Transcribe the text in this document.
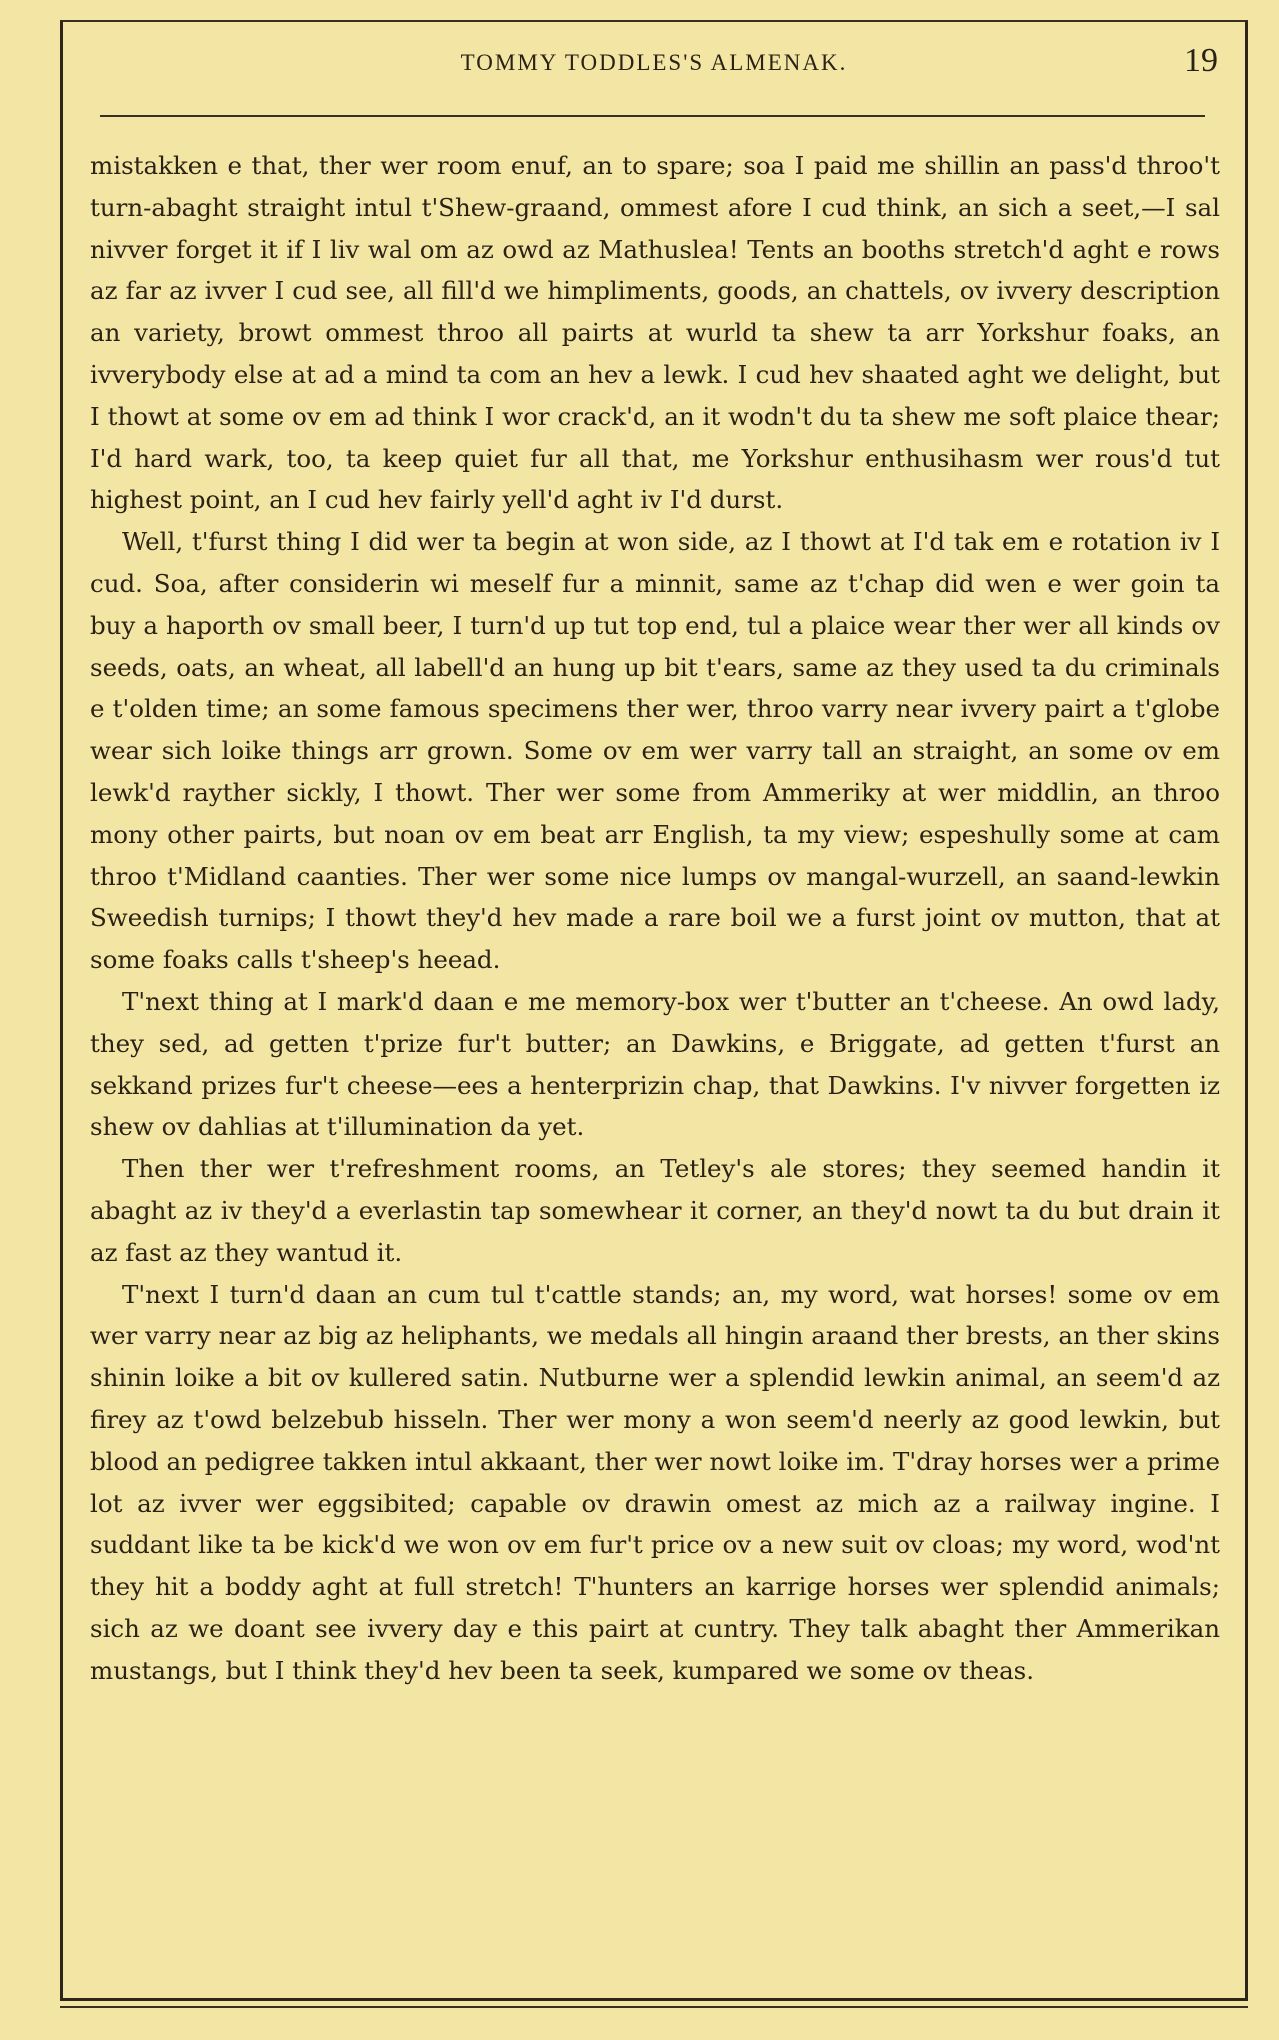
TOMMY TODDLES'S ALMENAK.	19

mistakken e that, ther wer room enuf, an to spare; soa I paid me shillin an pass'd throo't turn-abaght straight intul t'Shew-graand, ommest afore I cud think, an sich a seet,—I sal nivver forget it if I liv wal om az owd az Mathuslea! Tents an booths stretch'd aght e rows az far az ivver I cud see, all fill'd we himpliments, goods, an chattels, ov ivvery description an variety, browt ommest throo all pairts at wurld ta shew ta arr Yorkshur foaks, an ivverybody else at ad a mind ta com an hev a lewk. I cud hev shaated aght we delight, but I thowt at some ov em ad think I wor crack'd, an it wodn't du ta shew me soft plaice thear; I'd hard wark, too, ta keep quiet fur all that, me Yorkshur enthusihasm wer rous'd tut highest point, an I cud hev fairly yell'd aght iv I'd durst.

Well, t'furst thing I did wer ta begin at won side, az I thowt at I'd tak em e rotation iv I cud. Soa, after considerin wi meself fur a minnit, same az t'chap did wen e wer goin ta buy a haporth ov small beer, I turn'd up tut top end, tul a plaice wear ther wer all kinds ov seeds, oats, an wheat, all labell'd an hung up bit t'ears, same az they used ta du criminals e t'olden time; an some famous specimens ther wer, throo varry near ivvery pairt a t'globe wear sich loike things arr grown. Some ov em wer varry tall an straight, an some ov em lewk'd rayther sickly, I thowt. Ther wer some from Ammeriky at wer middlin, an throo mony other pairts, but noan ov em beat arr English, ta my view; espeshully some at cam throo t'Midland caanties. Ther wer some nice lumps ov mangal-wurzell, an saand-lewkin Sweedish turnips; I thowt they'd hev made a rare boil we a furst joint ov mutton, that at some foaks calls t'sheep's heead.

T'next thing at I mark'd daan e me memory-box wer t'butter an t'cheese. An owd lady, they sed, ad getten t'prize fur't butter; an Dawkins, e Briggate, ad getten t'furst an sekkand prizes fur't cheese—ees a henterprizin chap, that Dawkins. I'v nivver forgetten iz shew ov dahlias at t'illumination da yet.

Then ther wer t'refreshment rooms, an Tetley's ale stores; they seemed handin it abaght az iv they'd a everlastin tap somewhear it corner, an they'd nowt ta du but drain it az fast az they wantud it.

T'next I turn'd daan an cum tul t'cattle stands; an, my word, wat horses! some ov em wer varry near az big az heliphants, we medals all hingin araand ther brests, an ther skins shinin loike a bit ov kullered satin. Nutburne wer a splendid lewkin animal, an seem'd az firey az t'owd belzebub hisseln. Ther wer mony a won seem'd neerly az good lewkin, but blood an pedigree takken intul akkaant, ther wer nowt loike im. T'dray horses wer a prime lot az ivver wer eggsibited; capable ov drawin omest az mich az a railway ingine. I suddant like ta be kick'd we won ov em fur't price ov a new suit ov cloas; my word, wod'nt they hit a boddy aght at full stretch! T'hunters an karrige horses wer splendid animals; sich az we doant see ivvery day e this pairt at cuntry. They talk abaght ther Ammerikan mustangs, but I think they'd hev been ta seek, kumpared we some ov theas.
